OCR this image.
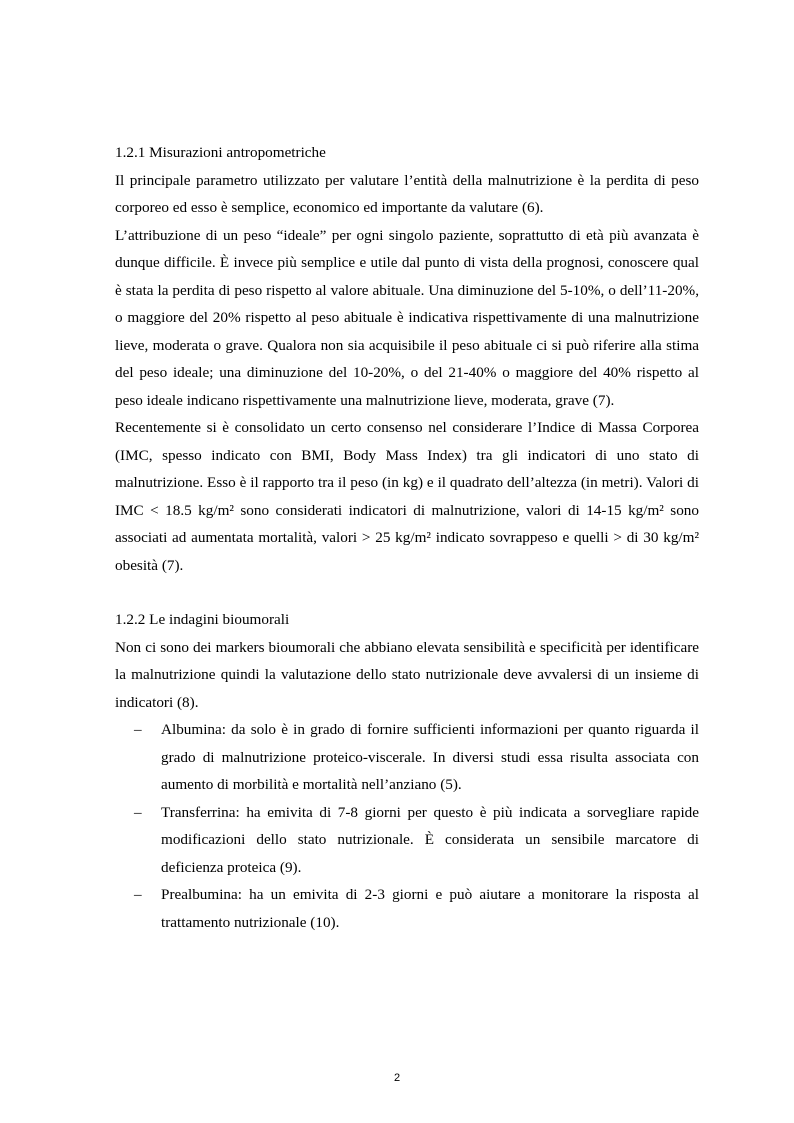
1.2.1 Misurazioni antropometriche

Il principale parametro utilizzato per valutare l’entità della malnutrizione è la perdita di peso corporeo ed esso è semplice, economico ed importante da valutare (6).

L’attribuzione di un peso “ideale” per ogni singolo paziente, soprattutto di età più avanzata è dunque difficile. È invece più semplice e utile dal punto di vista della prognosi, conoscere qual è stata la perdita di peso rispetto al valore abituale. Una diminuzione del 5-10%, o dell’11-20%, o maggiore del 20% rispetto al peso abituale è indicativa rispettivamente di una malnutrizione lieve, moderata o grave. Qualora non sia acquisibile il peso abituale ci si può riferire alla stima del peso ideale; una diminuzione del 10-20%, o del 21-40% o maggiore del 40% rispetto al peso ideale indicano rispettivamente una malnutrizione lieve, moderata, grave (7).

Recentemente si è consolidato un certo consenso nel considerare l’Indice di Massa Corporea (IMC, spesso indicato con BMI, Body Mass Index) tra gli indicatori di uno stato di malnutrizione. Esso è il rapporto tra il peso (in kg) e il quadrato dell’altezza (in metri). Valori di IMC < 18.5 kg/m² sono considerati indicatori di malnutrizione, valori di 14-15 kg/m² sono associati ad aumentata mortalità, valori > 25 kg/m² indicato sovrappeso e quelli > di 30 kg/m² obesità (7).

1.2.2 Le indagini bioumorali

Non ci sono dei markers bioumorali che abbiano elevata sensibilità e specificità per identificare la malnutrizione quindi la valutazione dello stato nutrizionale deve avvalersi di un insieme di indicatori (8).

– Albumina: da solo è in grado di fornire sufficienti informazioni per quanto riguarda il grado di malnutrizione proteico-viscerale. In diversi studi essa risulta associata con aumento di morbilità e mortalità nell’anziano (5).
– Transferrina: ha emivita di 7-8 giorni per questo è più indicata a sorvegliare rapide modificazioni dello stato nutrizionale. È considerata un sensibile marcatore di deficienza proteica (9).
– Prealbumina: ha un emivita di 2-3 giorni e può aiutare a monitorare la risposta al trattamento nutrizionale (10).
2
